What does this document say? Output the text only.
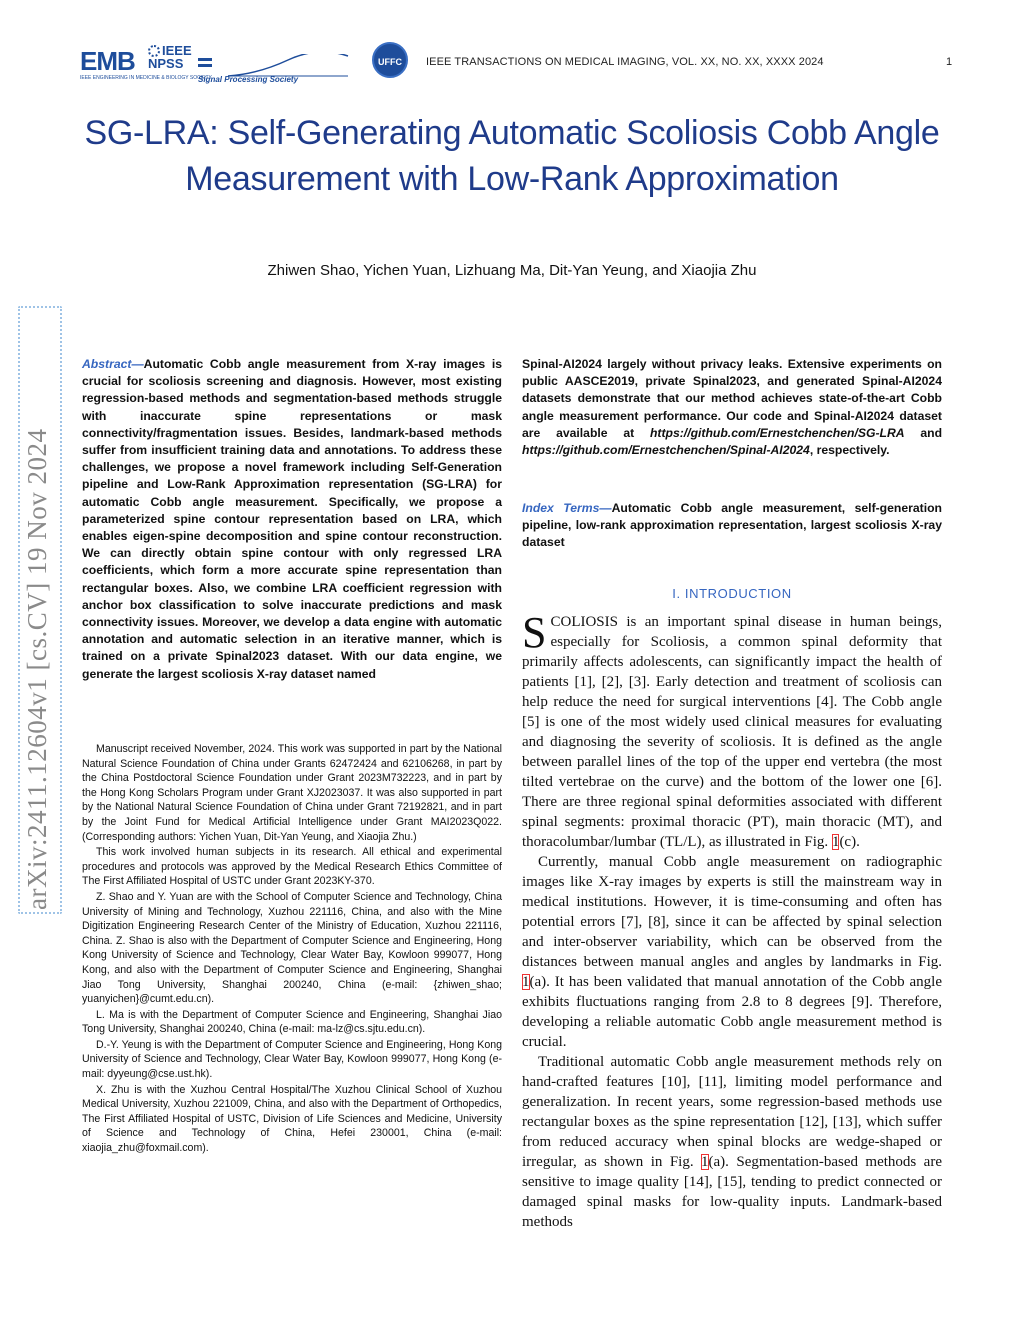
EMB
IEEE ENGINEERING IN MEDICINE & BIOLOGY SOCIETY
IEEE
NPSS
Signal Processing Society
UFFC	IEEE TRANSACTIONS ON MEDICAL IMAGING, VOL. XX, NO. XX, XXXX 2024	1
arXiv:2411.12604v1 [cs.CV] 19 Nov 2024
SG-LRA: Self-Generating Automatic Scoliosis Cobb Angle Measurement with Low-Rank Approximation
Zhiwen Shao, Yichen Yuan, Lizhuang Ma, Dit-Yan Yeung, and Xiaojia Zhu
Abstract—Automatic Cobb angle measurement from X-ray images is crucial for scoliosis screening and diagnosis. However, most existing regression-based methods and segmentation-based methods struggle with inaccurate spine representations or mask connectivity/fragmentation issues. Besides, landmark-based methods suffer from insufficient training data and annotations. To address these challenges, we propose a novel framework including Self-Generation pipeline and Low-Rank Approximation representation (SG-LRA) for automatic Cobb angle measurement. Specifically, we propose a parameterized spine contour representation based on LRA, which enables eigen-spine decomposition and spine contour reconstruction. We can directly obtain spine contour with only regressed LRA coefficients, which form a more accurate spine representation than rectangular boxes. Also, we combine LRA coefficient regression with anchor box classification to solve inaccurate predictions and mask connectivity issues. Moreover, we develop a data engine with automatic annotation and automatic selection in an iterative manner, which is trained on a private Spinal2023 dataset. With our data engine, we generate the largest scoliosis X-ray dataset named
Spinal-AI2024 largely without privacy leaks. Extensive experiments on public AASCE2019, private Spinal2023, and generated Spinal-AI2024 datasets demonstrate that our method achieves state-of-the-art Cobb angle measurement performance. Our code and Spinal-AI2024 dataset are available at https://github.com/Ernestchenchen/SG-LRA and https://github.com/Ernestchenchen/Spinal-AI2024, respectively.
Index Terms—Automatic Cobb angle measurement, self-generation pipeline, low-rank approximation representation, largest scoliosis X-ray dataset

Manuscript received November, 2024. This work was supported in part by the National Natural Science Foundation of China under Grants 62472424 and 62106268, in part by the China Postdoctoral Science Foundation under Grant 2023M732223, and in part by the Hong Kong Scholars Program under Grant XJ2023037. It was also supported in part by the National Natural Science Foundation of China under Grant 72192821, and in part by the Joint Fund for Medical Artificial Intelligence under Grant MAI2023Q022. (Corresponding authors: Yichen Yuan, Dit-Yan Yeung, and Xiaojia Zhu.)

This work involved human subjects in its research. All ethical and experimental procedures and protocols was approved by the Medical Research Ethics Committee of The First Affiliated Hospital of USTC under Grant 2023KY-370.

Z. Shao and Y. Yuan are with the School of Computer Science and Technology, China University of Mining and Technology, Xuzhou 221116, China, and also with the Mine Digitization Engineering Research Center of the Ministry of Education, Xuzhou 221116, China. Z. Shao is also with the Department of Computer Science and Engineering, Hong Kong University of Science and Technology, Clear Water Bay, Kowloon 999077, Hong Kong, and also with the Department of Computer Science and Engineering, Shanghai Jiao Tong University, Shanghai 200240, China (e-mail: {zhiwen_shao; yuanyichen}@cumt.edu.cn).

L. Ma is with the Department of Computer Science and Engineering, Shanghai Jiao Tong University, Shanghai 200240, China (e-mail: ma-lz@cs.sjtu.edu.cn).

D.-Y. Yeung is with the Department of Computer Science and Engineering, Hong Kong University of Science and Technology, Clear Water Bay, Kowloon 999077, Hong Kong (e-mail: dyyeung@cse.ust.hk).

X. Zhu is with the Xuzhou Central Hospital/The Xuzhou Clinical School of Xuzhou Medical University, Xuzhou 221009, China, and also with the Department of Orthopedics, The First Affiliated Hospital of USTC, Division of Life Sciences and Medicine, University of Science and Technology of China, Hefei 230001, China (e-mail: xiaojia_zhu@foxmail.com).

I. INTRODUCTION

SCOLIOSIS is an important spinal disease in human beings, especially for Scoliosis, a common spinal deformity that primarily affects adolescents, can significantly impact the health of patients [1], [2], [3]. Early detection and treatment of scoliosis can help reduce the need for surgical interventions [4]. The Cobb angle [5] is one of the most widely used clinical measures for evaluating and diagnosing the severity of scoliosis. It is defined as the angle between parallel lines of the top of the upper end vertebra (the most tilted vertebrae on the curve) and the bottom of the lower one [6]. There are three regional spinal deformities associated with different spinal segments: proximal thoracic (PT), main thoracic (MT), and thoracolumbar/lumbar (TL/L), as illustrated in Fig. 1(c).

Currently, manual Cobb angle measurement on radiographic images like X-ray images by experts is still the mainstream way in medical institutions. However, it is time-consuming and often has potential errors [7], [8], since it can be affected by spinal selection and inter-observer variability, which can be observed from the distances between manual angles and angles by landmarks in Fig. 1(a). It has been validated that manual annotation of the Cobb angle exhibits fluctuations ranging from 2.8 to 8 degrees [9]. Therefore, developing a reliable automatic Cobb angle measurement method is crucial.

Traditional automatic Cobb angle measurement methods rely on hand-crafted features [10], [11], limiting model performance and generalization. In recent years, some regression-based methods use rectangular boxes as the spine representation [12], [13], which suffer from reduced accuracy when spinal blocks are wedge-shaped or irregular, as shown in Fig. 1(a). Segmentation-based methods are sensitive to image quality [14], [15], tending to predict connected or damaged spinal masks for low-quality inputs. Landmark-based methods
